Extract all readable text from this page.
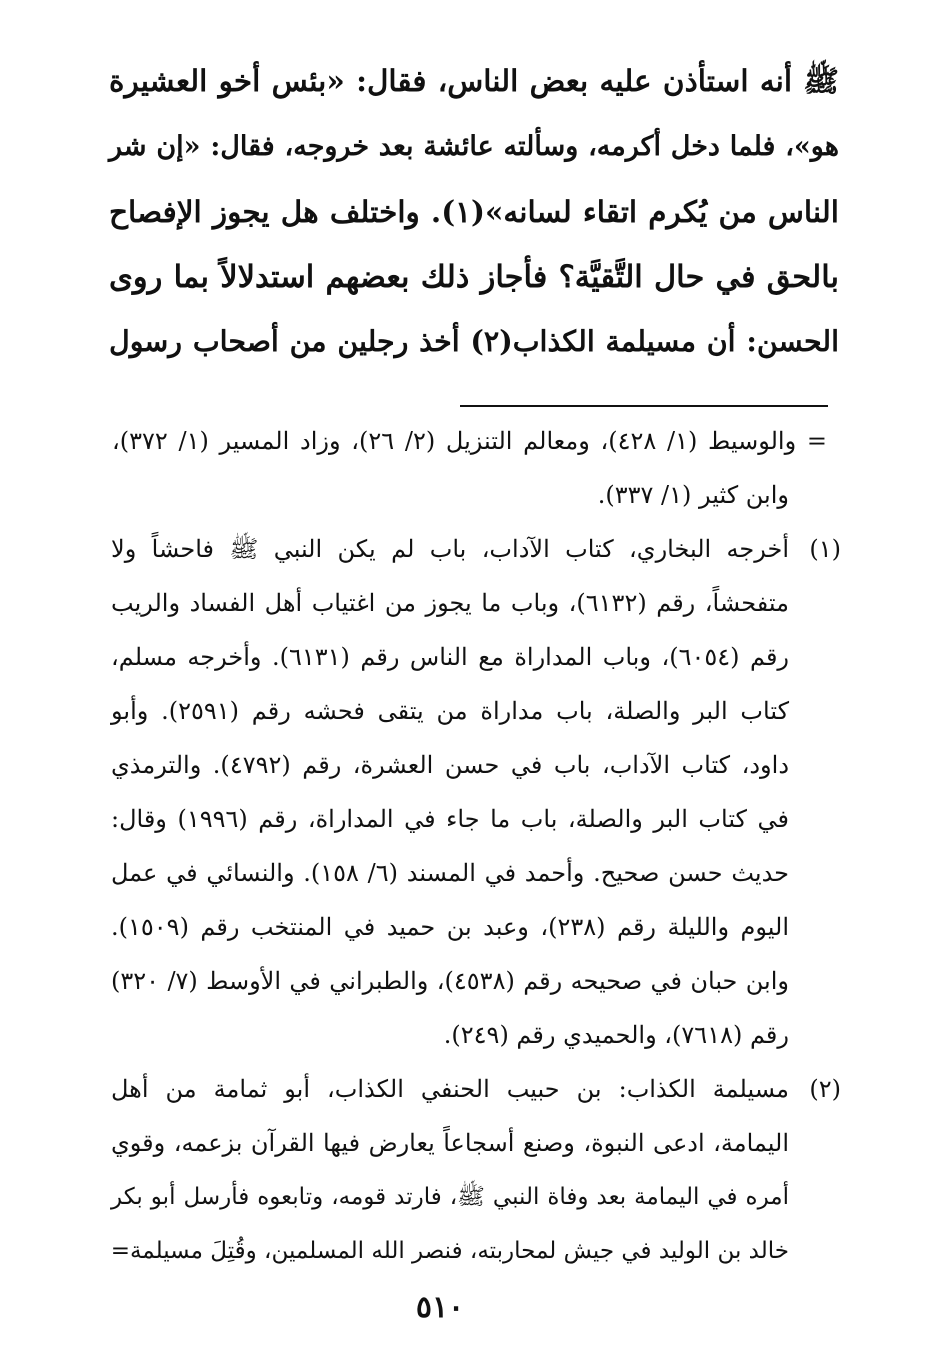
ﷺ أنه استأذن عليه بعض الناس، فقال: «بئس أخو العشيرة
هو»، فلما دخل أكرمه، وسألته عائشة بعد خروجه، فقال: «إن شر
الناس من يُكرم اتقاء لسانه»(١). واختلف هل يجوز الإفصاح
بالحق في حال التَّقيَّة؟ فأجاز ذلك بعضهم استدلالاً بما روى
الحسن: أن مسيلمة الكذاب(٢) أخذ رجلين من أصحاب رسول
= والوسيط (١/ ٤٢٨)، ومعالم التنزيل (٢/ ٢٦)، وزاد المسير (١/ ٣٧٢)،
وابن كثير (١/ ٣٣٧).
(١)
أخرجه البخاري، كتاب الآداب، باب لم يكن النبي ﷺ فاحشاً ولا
متفحشاً، رقم (٦١٣٢)، وباب ما يجوز من اغتياب أهل الفساد والريب
رقم (٦٠٥٤)، وباب المداراة مع الناس رقم (٦١٣١). وأخرجه مسلم،
كتاب البر والصلة، باب مداراة من يتقى فحشه رقم (٢٥٩١). وأبو
داود، كتاب الآداب، باب في حسن العشرة، رقم (٤٧٩٢). والترمذي
في كتاب البر والصلة، باب ما جاء في المداراة، رقم (١٩٩٦) وقال:
حديث حسن صحيح. وأحمد في المسند (٦/ ١٥٨). والنسائي في عمل
اليوم والليلة رقم (٢٣٨)، وعبد بن حميد في المنتخب رقم (١٥٠٩).
وابن حبان في صحيحه رقم (٤٥٣٨)، والطبراني في الأوسط (٧/ ٣٢٠)
رقم (٧٦١٨)، والحميدي رقم (٢٤٩).
(٢)
مسيلمة الكذاب: بن حبيب الحنفي الكذاب، أبو ثمامة من أهل
اليمامة، ادعى النبوة، وصنع أسجاعاً يعارض فيها القرآن بزعمه، وقوي
أمره في اليمامة بعد وفاة النبي ﷺ، فارتد قومه، وتابعوه فأرسل أبو بكر
خالد بن الوليد في جيش لمحاربته، فنصر الله المسلمين، وقُتِلَ مسيلمة=
٥١٠
